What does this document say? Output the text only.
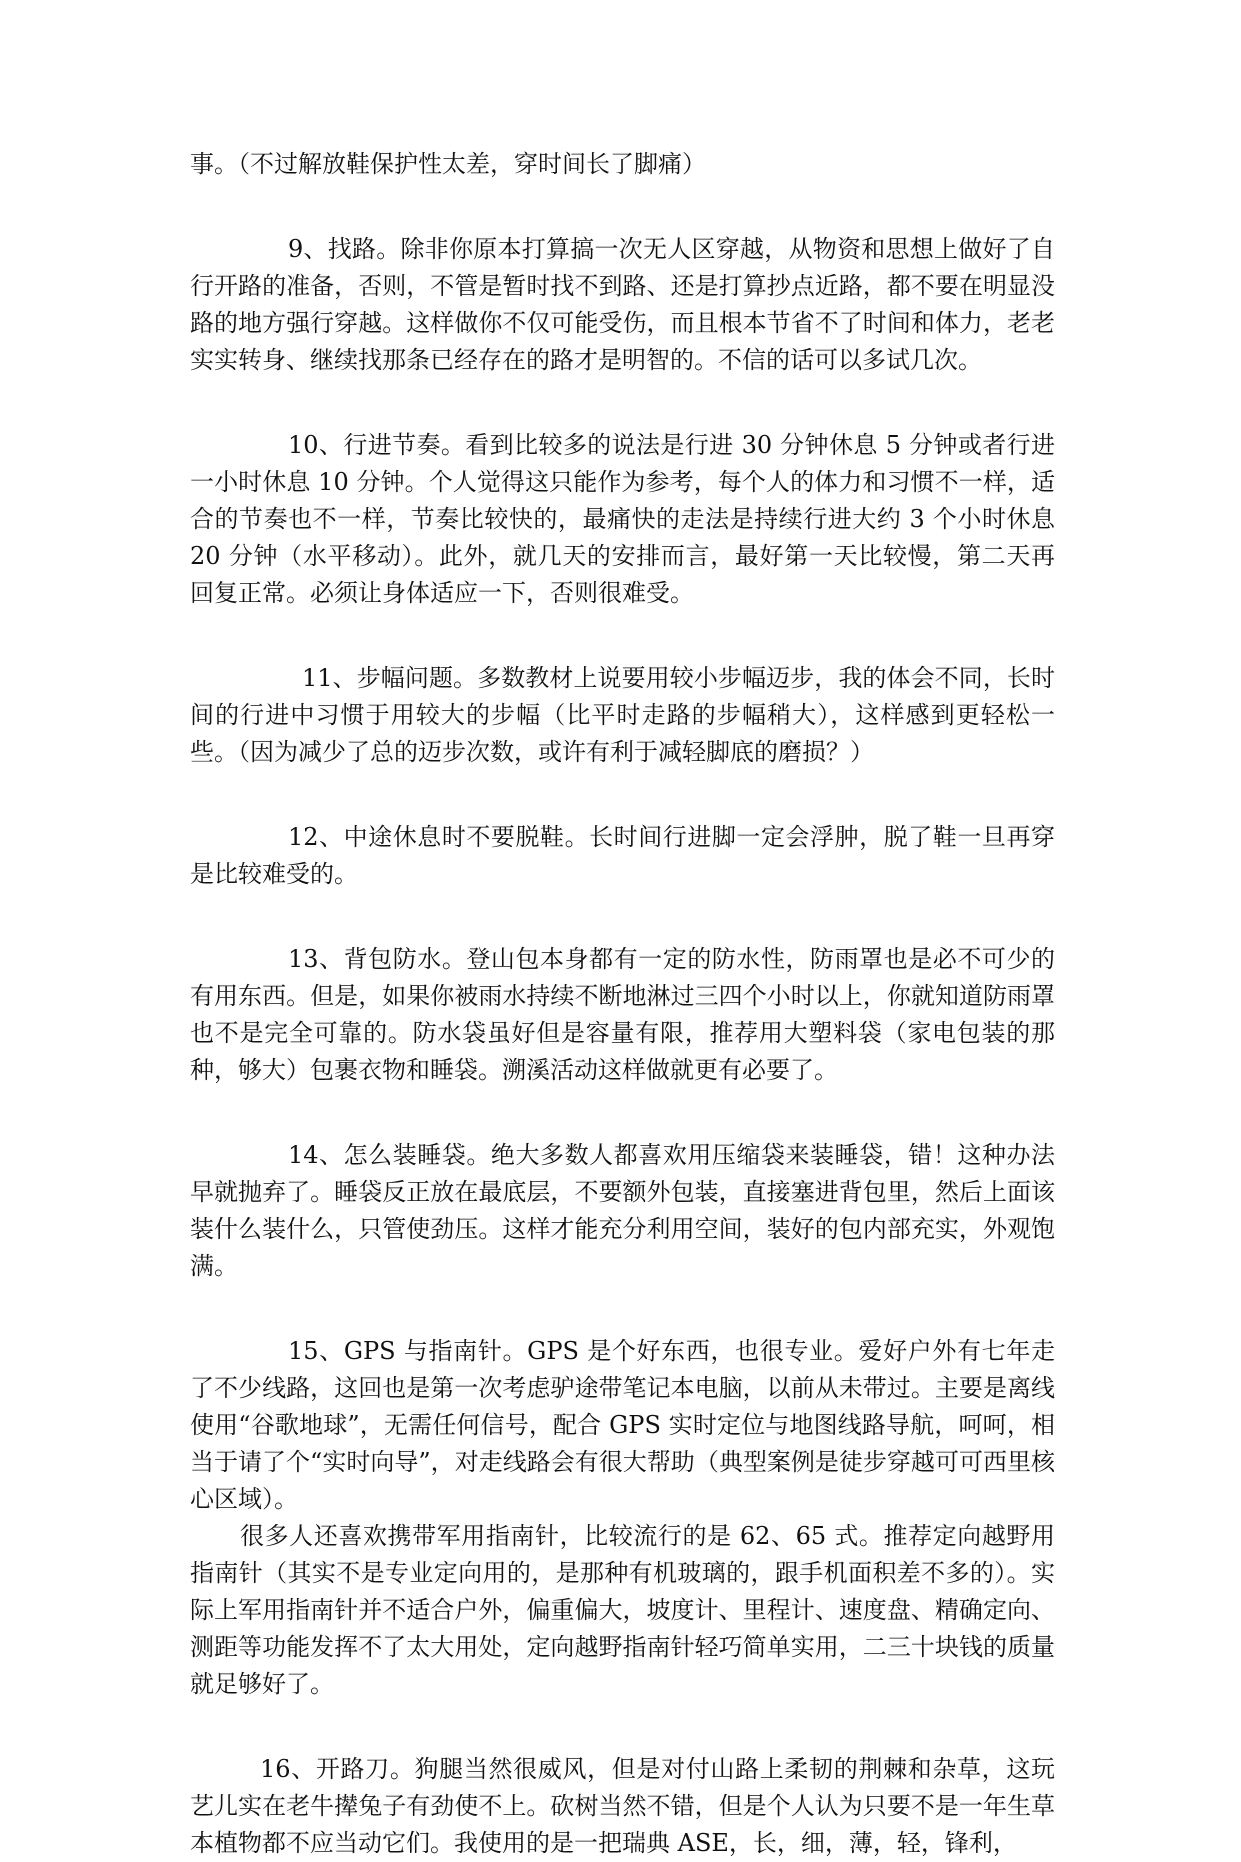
事。（不过解放鞋保护性太差，穿时间长了脚痛）

9、找路。除非你原本打算搞一次无人区穿越，从物资和思想上做好了自行开路的准备，否则，不管是暂时找不到路、还是打算抄点近路，都不要在明显没路的地方强行穿越。这样做你不仅可能受伤，而且根本节省不了时间和体力，老老实实转身、继续找那条已经存在的路才是明智的。不信的话可以多试几次。

10、行进节奏。看到比较多的说法是行进 30 分钟休息 5 分钟或者行进一小时休息 10 分钟。个人觉得这只能作为参考，每个人的体力和习惯不一样，适合的节奏也不一样，节奏比较快的，最痛快的走法是持续行进大约 3 个小时休息 20 分钟（水平移动）。此外，就几天的安排而言，最好第一天比较慢，第二天再回复正常。必须让身体适应一下，否则很难受。

11、步幅问题。多数教材上说要用较小步幅迈步，我的体会不同，长时间的行进中习惯于用较大的步幅（比平时走路的步幅稍大），这样感到更轻松一些。（因为减少了总的迈步次数，或许有利于减轻脚底的磨损？）

12、中途休息时不要脱鞋。长时间行进脚一定会浮肿，脱了鞋一旦再穿是比较难受的。

13、背包防水。登山包本身都有一定的防水性，防雨罩也是必不可少的有用东西。但是，如果你被雨水持续不断地淋过三四个小时以上，你就知道防雨罩也不是完全可靠的。防水袋虽好但是容量有限，推荐用大塑料袋（家电包装的那种，够大）包裹衣物和睡袋。溯溪活动这样做就更有必要了。

14、怎么装睡袋。绝大多数人都喜欢用压缩袋来装睡袋，错！这种办法早就抛弃了。睡袋反正放在最底层，不要额外包装，直接塞进背包里，然后上面该装什么装什么，只管使劲压。这样才能充分利用空间，装好的包内部充实，外观饱满。

15、GPS 与指南针。GPS 是个好东西，也很专业。爱好户外有七年走了不少线路，这回也是第一次考虑驴途带笔记本电脑，以前从未带过。主要是离线使用“谷歌地球”，无需任何信号，配合 GPS 实时定位与地图线路导航，呵呵，相当于请了个“实时向导”，对走线路会有很大帮助（典型案例是徒步穿越可可西里核心区域）。

很多人还喜欢携带军用指南针，比较流行的是 62、65 式。推荐定向越野用指南针（其实不是专业定向用的，是那种有机玻璃的，跟手机面积差不多的）。实际上军用指南针并不适合户外，偏重偏大，坡度计、里程计、速度盘、精确定向、测距等功能发挥不了太大用处，定向越野指南针轻巧简单实用，二三十块钱的质量就足够好了。

16、开路刀。狗腿当然很威风，但是对付山路上柔韧的荆棘和杂草，这玩艺儿实在老牛撵兔子有劲使不上。砍树当然不错，但是个人认为只要不是一年生草本植物都不应当动它们。我使用的是一把瑞典 ASE，长，细，薄，轻，锋利，
